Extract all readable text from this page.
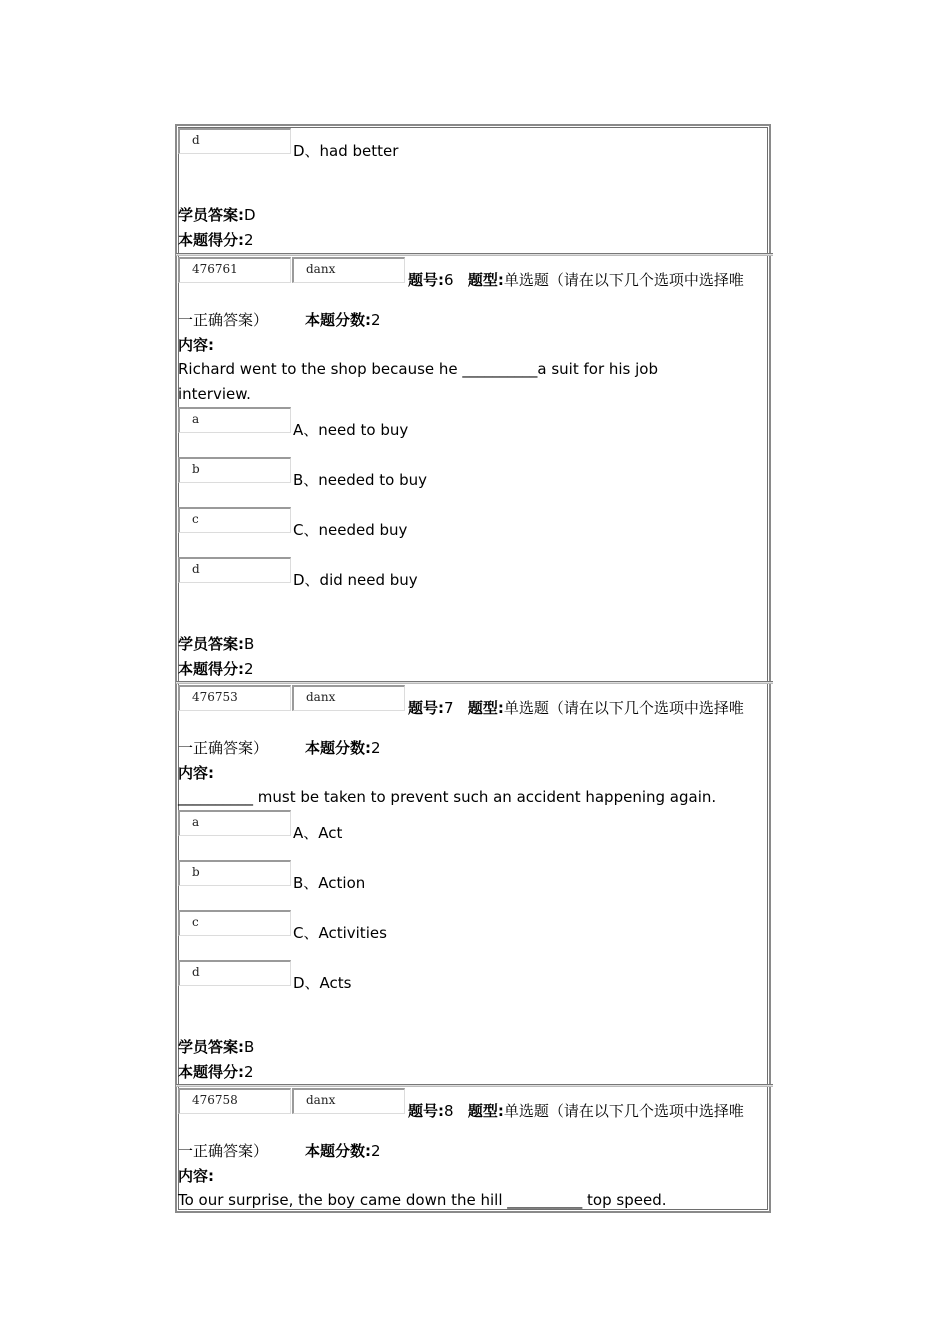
d
D、had better
学员答案:D
本题得分:2
476761	danx
题号:6 题型:单选题（请在以下几个选项中选择唯
一正确答案） 本题分数:2
内容:
Richard went to the shop because he __________a suit for his job
interview.
a
A、need to buy
b
B、needed to buy
c
C、needed buy
d
D、did need buy
学员答案:B
本题得分:2
476753	danx
题号:7 题型:单选题（请在以下几个选项中选择唯
一正确答案） 本题分数:2
内容:
__________ must be taken to prevent such an accident happening again.
a
A、Act
b
B、Action
c
C、Activities
d
D、Acts
学员答案:B
本题得分:2
476758	danx
题号:8 题型:单选题（请在以下几个选项中选择唯
一正确答案） 本题分数:2
内容:
To our surprise, the boy came down the hill __________ top speed.
